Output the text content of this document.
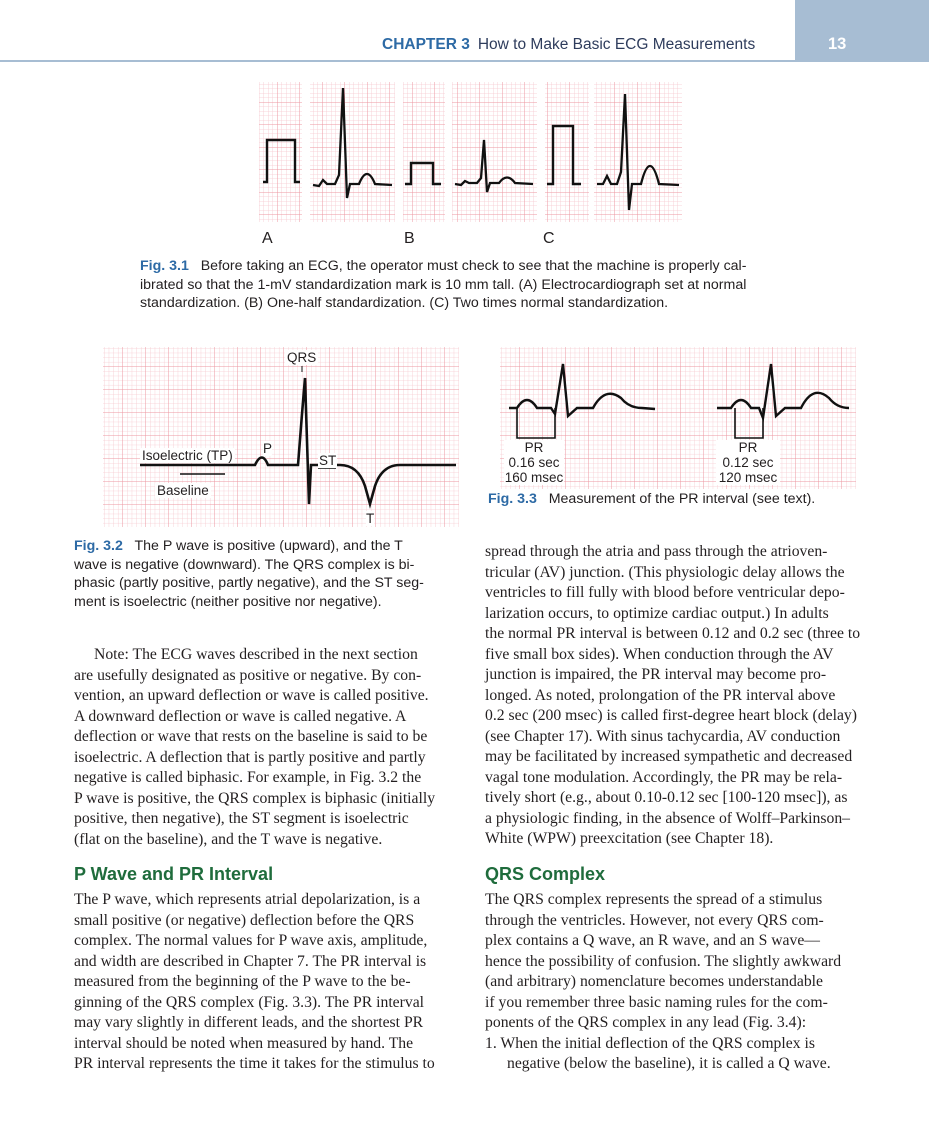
CHAPTER 3 How to Make Basic ECG Measurements	13
A	B	C
Fig. 3.1 Before taking an ECG, the operator must check to see that the machine is properly cal-
ibrated so that the 1-mV standardization mark is 10 mm tall. (A) Electrocardiograph set at normal
standardization. (B) One-half standardization. (C) Two times normal standardization.
QRS
P
ST
T
Isoelectric (TP)
Baseline
Fig. 3.2 The P wave is positive (upward), and the T
wave is negative (downward). The QRS complex is bi-
phasic (partly positive, partly negative), and the ST seg-
ment is isoelectric (neither positive nor negative).
PR
0.16 sec
160 msec
PR
0.12 sec
120 msec
Fig. 3.3 Measurement of the PR interval (see text).

Note: The ECG waves described in the next section

are usefully designated as positive or negative. By con-

vention, an upward deflection or wave is called positive.

A downward deflection or wave is called negative. A

deflection or wave that rests on the baseline is said to be

isoelectric. A deflection that is partly positive and partly

negative is called biphasic. For example, in Fig. 3.2 the

P wave is positive, the QRS complex is biphasic (initially

positive, then negative), the ST segment is isoelectric

(flat on the baseline), and the T wave is negative.

P Wave and PR Interval

The P wave, which represents atrial depolarization, is a

small positive (or negative) deflection before the QRS

complex. The normal values for P wave axis, amplitude,

and width are described in Chapter 7. The PR interval is

measured from the beginning of the P wave to the be-

ginning of the QRS complex (Fig. 3.3). The PR interval

may vary slightly in different leads, and the shortest PR

interval should be noted when measured by hand. The

PR interval represents the time it takes for the stimulus to

spread through the atria and pass through the atrioven-

tricular (AV) junction. (This physiologic delay allows the

ventricles to fill fully with blood before ventricular depo-

larization occurs, to optimize cardiac output.) In adults

the normal PR interval is between 0.12 and 0.2 sec (three to

five small box sides). When conduction through the AV

junction is impaired, the PR interval may become pro-

longed. As noted, prolongation of the PR interval above

0.2 sec (200 msec) is called first-degree heart block (delay)

(see Chapter 17). With sinus tachycardia, AV conduction

may be facilitated by increased sympathetic and decreased

vagal tone modulation. Accordingly, the PR may be rela-

tively short (e.g., about 0.10-0.12 sec [100-120 msec]), as

a physiologic finding, in the absence of Wolff–Parkinson–

White (WPW) preexcitation (see Chapter 18).

QRS Complex

The QRS complex represents the spread of a stimulus

through the ventricles. However, not every QRS com-

plex contains a Q wave, an R wave, and an S wave—

hence the possibility of confusion. The slightly awkward

(and arbitrary) nomenclature becomes understandable

if you remember three basic naming rules for the com-

ponents of the QRS complex in any lead (Fig. 3.4):

1. When the initial deflection of the QRS complex is

negative (below the baseline), it is called a Q wave.
